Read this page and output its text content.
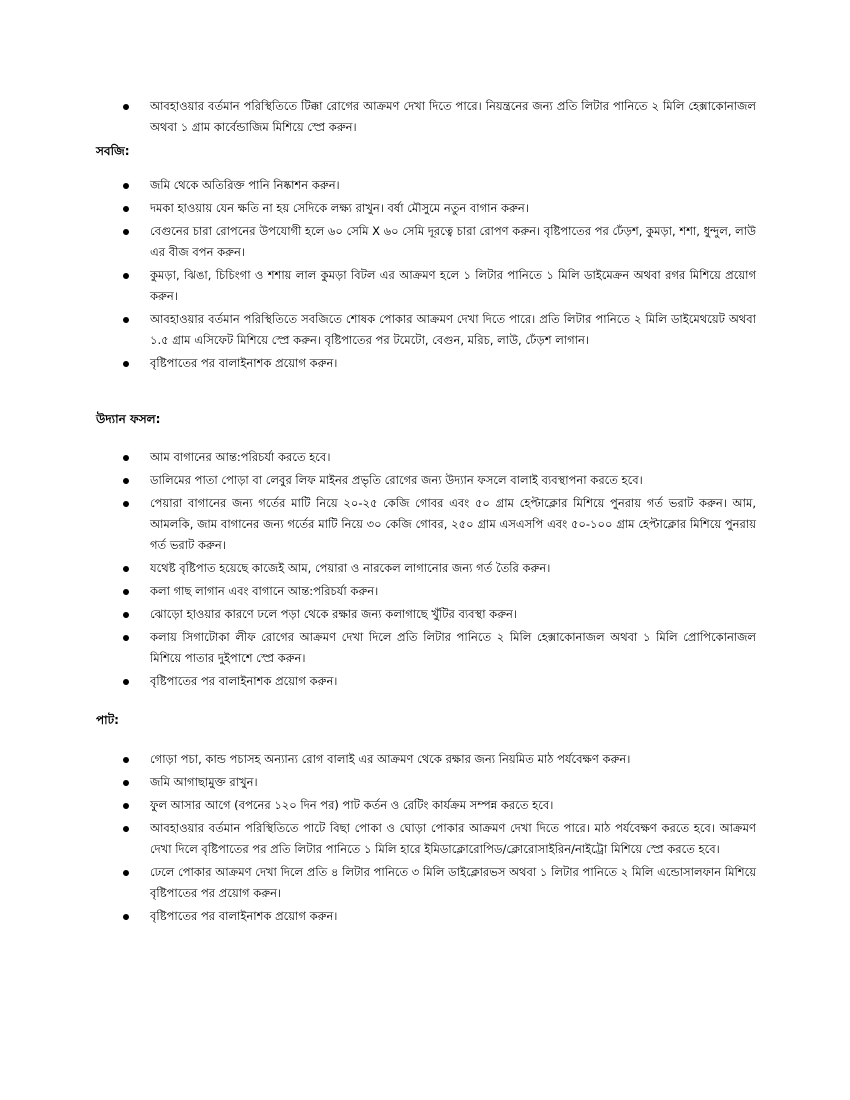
আবহাওয়ার বর্তমান পরিস্থিতিতে টিক্কা রোগের আক্রমণ দেখা দিতে পারে। নিয়ন্ত্রনের জন্য প্রতি লিটার পানিতে ২ মিলি হেক্সাকোনাজল অথবা ১ গ্রাম কার্বেন্ডাজিম মিশিয়ে স্প্রে করুন।

সবজি:

জমি থেকে অতিরিক্ত পানি নিষ্কাশন করুন।
দমকা হাওয়ায় যেন ক্ষতি না হয় সেদিকে লক্ষ্য রাখুন। বর্ষা মৌসুমে নতুন বাগান করুন।
বেগুনের চারা রোপনের উপযোগী হলে ৬০ সেমি X ৬০ সেমি দূরত্বে চারা রোপণ করুন। বৃষ্টিপাতের পর ঢেঁড়শ, কুমড়া, শশা, ধুন্দুল, লাউ এর বীজ বপন করুন।
কুমড়া, ঝিঙা, চিচিংগা ও শশায় লাল কুমড়া বিটল এর আক্রমণ হলে ১ লিটার পানিতে ১ মিলি ডাইমেক্রন অথবা রগর মিশিয়ে প্রয়োগ করুন।
আবহাওয়ার বর্তমান পরিস্থিতিতে সবজিতে শোষক পোকার আক্রমণ দেখা দিতে পারে। প্রতি লিটার পানিতে ২ মিলি ডাইমেথয়েট অথবা ১.৫ গ্রাম এসিফেট মিশিয়ে স্প্রে করুন। বৃষ্টিপাতের পর টমেটো, বেগুন, মরিচ, লাউ, ঢেঁড়শ লাগান।
বৃষ্টিপাতের পর বালাইনাশক প্রয়োগ করুন।

উদ্যান ফসল:

আম বাগানের আন্ত:পরিচর্যা করতে হবে।
ডালিমের পাতা পোড়া বা লেবুর লিফ মাইনর প্রভৃতি রোগের জন্য উদ্যান ফসলে বালাই ব্যবস্থাপনা করতে হবে।
পেয়ারা বাগানের জন্য গর্তের মাটি নিয়ে ২০-২৫ কেজি গোবর এবং ৫০ গ্রাম হেপ্টাক্লোর মিশিয়ে পুনরায় গর্ত ভরাট করুন। আম, আমলকি, জাম বাগানের জন্য গর্তের মাটি নিয়ে ৩০ কেজি গোবর, ২৫০ গ্রাম এসএসপি এবং ৫০-১০০ গ্রাম হেপ্টাক্লোর মিশিয়ে পুনরায় গর্ত ভরাট করুন।
যথেষ্ট বৃষ্টিপাত হয়েছে কাজেই আম, পেয়ারা ও নারকেল লাগানোর জন্য গর্ত তৈরি করুন।
কলা গাছ লাগান এবং বাগানে আন্ত:পরিচর্যা করুন।
ঝোড়ো হাওয়ার কারণে ঢলে পড়া থেকে রক্ষার জন্য কলাগাছে খুঁটির ব্যবস্থা করুন।
কলায় সিগাটোকা লীফ রোগের আক্রমণ দেখা দিলে প্রতি লিটার পানিতে ২ মিলি হেক্সাকোনাজল অথবা ১ মিলি প্রোপিকোনাজল মিশিয়ে পাতার দুইপাশে স্প্রে করুন।
বৃষ্টিপাতের পর বালাইনাশক প্রয়োগ করুন।

পাট:

গোড়া পচা, কান্ড পচাসহ অন্যান্য রোগ বালাই এর আক্রমণ থেকে রক্ষার জন্য নিয়মিত মাঠ পর্যবেক্ষণ করুন।
জমি আগাছামুক্ত রাখুন।
ফুল আসার আগে (বপনের ১২০ দিন পর) পাট কর্তন ও রেটিং কার্যক্রম সম্পন্ন করতে হবে।
আবহাওয়ার বর্তমান পরিস্থিতিতে পাটে বিছা পোকা ও ঘোড়া পোকার আক্রমণ দেখা দিতে পারে। মাঠ পর্যবেক্ষণ করতে হবে। আক্রমণ দেখা দিলে বৃষ্টিপাতের পর প্রতি লিটার পানিতে ১ মিলি হারে ইমিডাক্লোরোপিড/ক্লোরোসাইরিন/নাইট্রো মিশিয়ে স্প্রে করতে হবে।
ঢেলে পোকার আক্রমণ দেখা দিলে প্রতি ৪ লিটার পানিতে ৩ মিলি ডাইক্লোরভস অথবা ১ লিটার পানিতে ২ মিলি এন্ডোসালফান মিশিয়ে বৃষ্টিপাতের পর প্রয়োগ করুন।
বৃষ্টিপাতের পর বালাইনাশক প্রয়োগ করুন।
